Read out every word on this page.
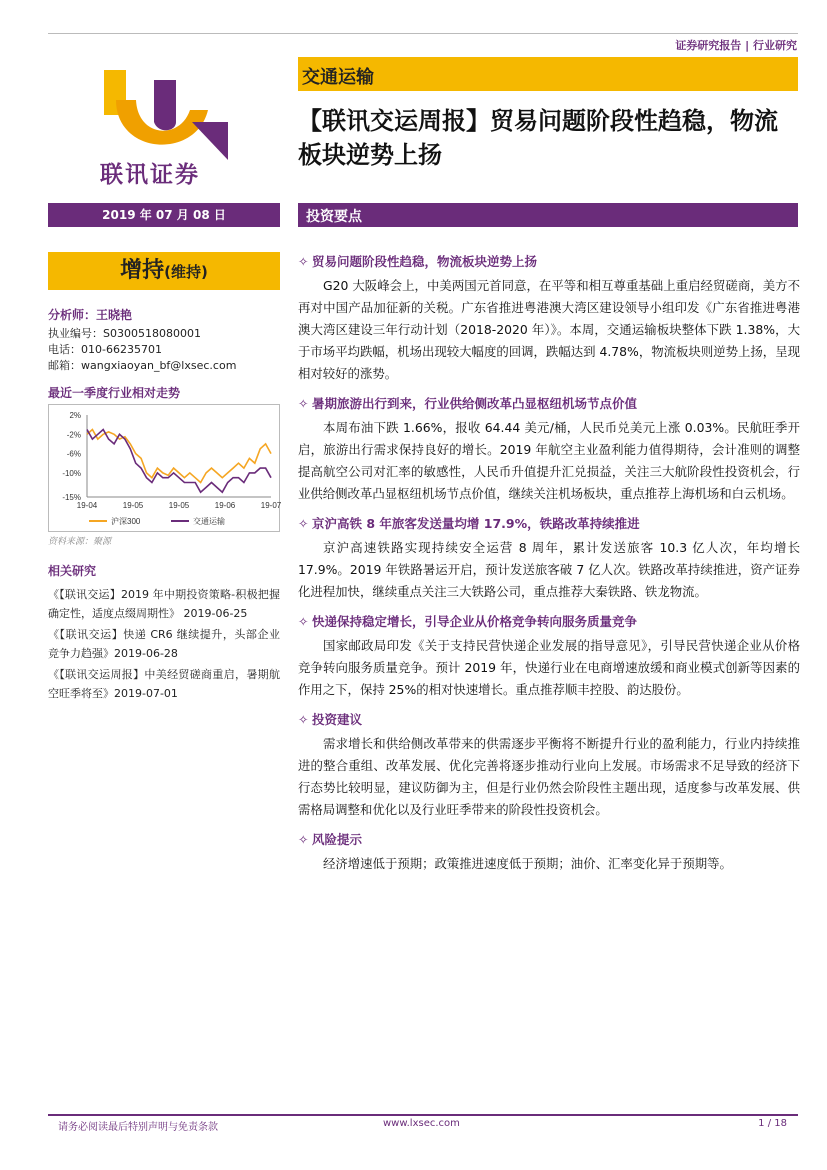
证券研究报告 | 行业研究
联讯证券
交通运输
【联讯交运周报】贸易问题阶段性趋稳，物流板块逆势上扬
2019 年 07 月 08 日	投资要点
增持(维持)
分析师：王晓艳
执业编号：S0300518080001
电话：010-66235701
邮箱：wangxiaoyan_bf@lxsec.com
最近一季度行业相对走势
2%
-2%
-6%
-10%
-15%
19-04	19-05	19-05	19-06	19-07
沪深300	交通运输
资料来源：聚源
相关研究
《【联讯交运】2019 年中期投资策略-积极把握确定性，适度点缀周期性》 2019-06-25
《【联讯交运】快递 CR6 继续提升，头部企业竞争力趋强》2019-06-28
《【联讯交运周报】中美经贸磋商重启，暑期航空旺季将至》2019-07-01
✧ 贸易问题阶段性趋稳，物流板块逆势上扬
G20 大阪峰会上，中美两国元首同意，在平等和相互尊重基础上重启经贸磋商，美方不再对中国产品加征新的关税。广东省推进粤港澳大湾区建设领导小组印发《广东省推进粤港澳大湾区建设三年行动计划（2018-2020 年）》。本周，交通运输板块整体下跌 1.38%，大于市场平均跌幅，机场出现较大幅度的回调，跌幅达到 4.78%，物流板块则逆势上扬，呈现相对较好的涨势。
✧ 暑期旅游出行到来，行业供给侧改革凸显枢纽机场节点价值
本周布油下跌 1.66%，报收 64.44 美元/桶，人民币兑美元上涨 0.03%。民航旺季开启，旅游出行需求保持良好的增长。2019 年航空主业盈利能力值得期待，会计准则的调整提高航空公司对汇率的敏感性，人民币升值提升汇兑损益，关注三大航阶段性投资机会，行业供给侧改革凸显枢纽机场节点价值，继续关注机场板块，重点推荐上海机场和白云机场。
✧ 京沪高铁 8 年旅客发送量均增 17.9%，铁路改革持续推进
京沪高速铁路实现持续安全运营 8 周年，累计发送旅客 10.3 亿人次，年均增长 17.9%。2019 年铁路暑运开启，预计发送旅客破 7 亿人次。铁路改革持续推进，资产证券化进程加快，继续重点关注三大铁路公司，重点推荐大秦铁路、铁龙物流。
✧ 快递保持稳定增长，引导企业从价格竞争转向服务质量竞争
国家邮政局印发《关于支持民营快递企业发展的指导意见》，引导民营快递企业从价格竞争转向服务质量竞争。预计 2019 年，快递行业在电商增速放缓和商业模式创新等因素的作用之下，保持 25%的相对快速增长。重点推荐顺丰控股、韵达股份。
✧ 投资建议
需求增长和供给侧改革带来的供需逐步平衡将不断提升行业的盈利能力，行业内持续推进的整合重组、改革发展、优化完善将逐步推动行业向上发展。市场需求不足导致的经济下行态势比较明显，建议防御为主，但是行业仍然会阶段性主题出现，适度参与改革发展、供需格局调整和优化以及行业旺季带来的阶段性投资机会。
✧ 风险提示
经济增速低于预期；政策推进速度低于预期；油价、汇率变化异于预期等。
请务必阅读最后特别声明与免责条款	www.lxsec.com	1 / 18
